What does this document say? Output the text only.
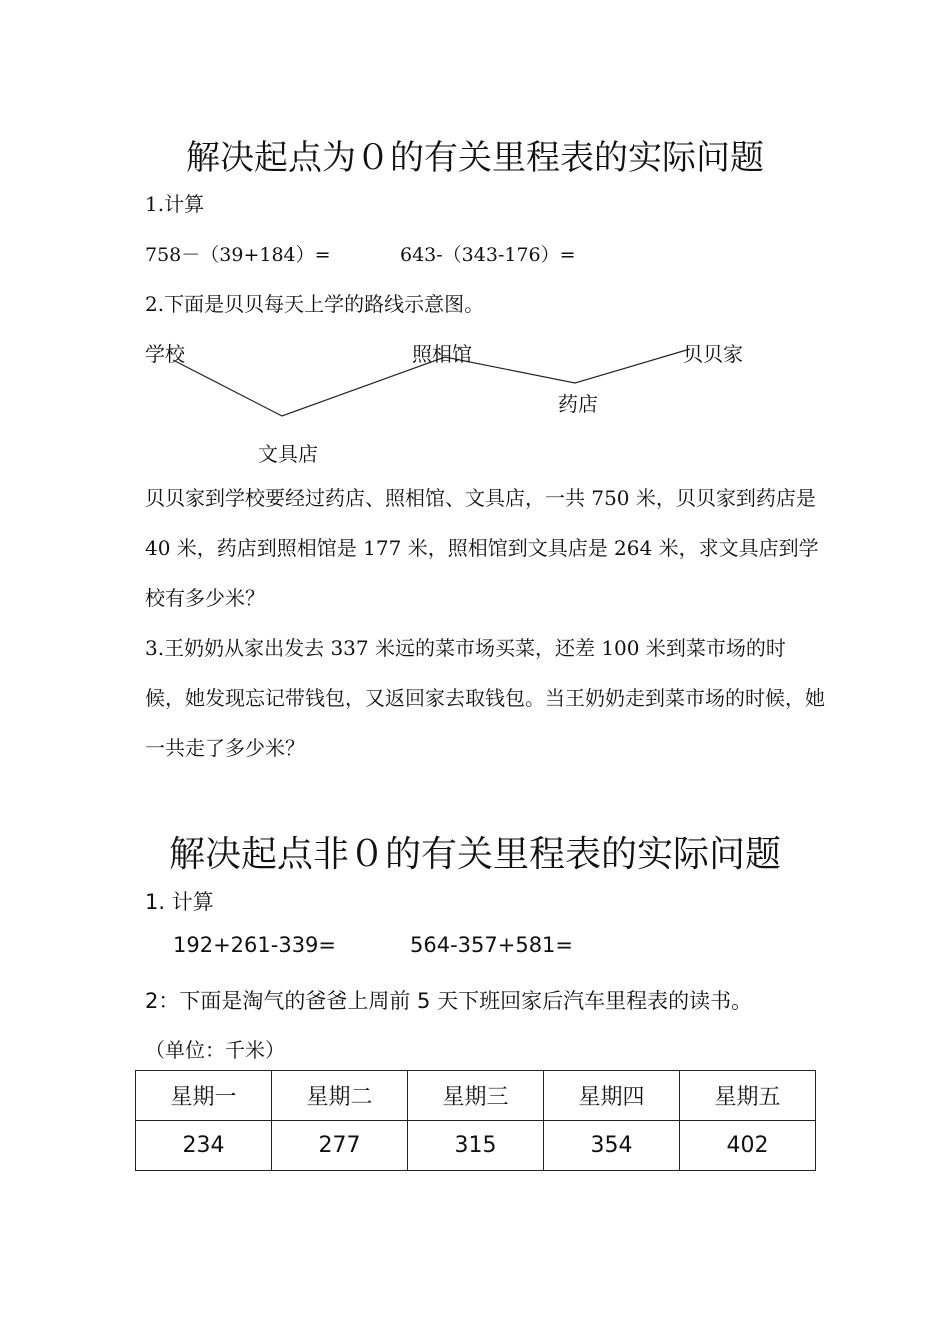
解决起点为０的有关里程表的实际问题
1.计算
758－（39+184）=	643-（343-176）=
2.下面是贝贝每天上学的路线示意图。
学校	照相馆	贝贝家
药店
文具店
贝贝家到学校要经过药店、照相馆、文具店，一共 750 米，贝贝家到药店是 40 米，药店到照相馆是 177 米，照相馆到文具店是 264 米，求文具店到学校有多少米？
3.王奶奶从家出发去 337 米远的菜市场买菜，还差 100 米到菜市场的时候，她发现忘记带钱包，又返回家去取钱包。当王奶奶走到菜市场的时候，她一共走了多少米？
解决起点非０的有关里程表的实际问题
1. 计算
192+261-339=	564-357+581=
2：下面是淘气的爸爸上周前 5 天下班回家后汽车里程表的读书。
（单位：千米）
星期一	星期二	星期三	星期四	星期五
234	277	315	354	402
